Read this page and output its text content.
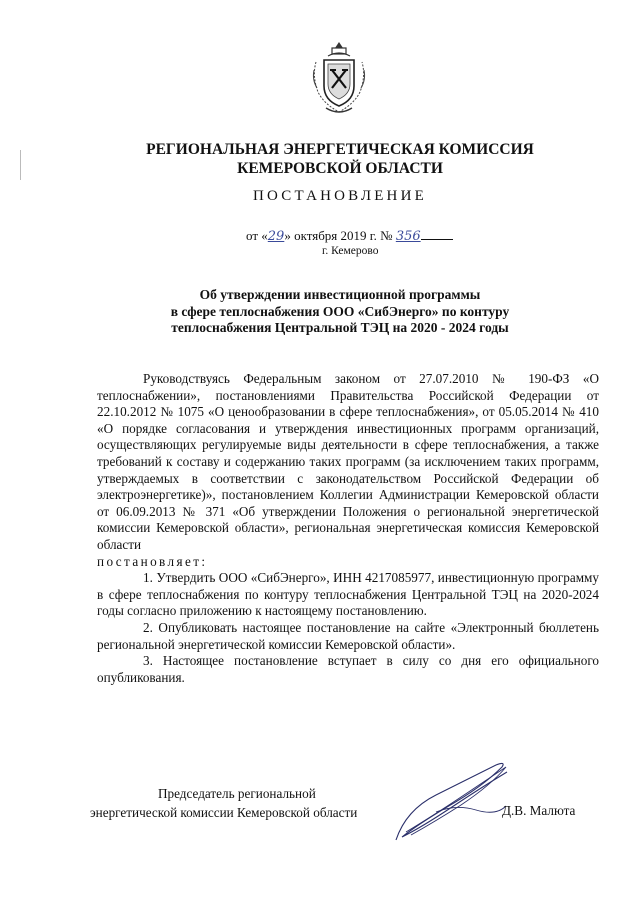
РЕГИОНАЛЬНАЯ ЭНЕРГЕТИЧЕСКАЯ КОМИССИЯ
КЕМЕРОВСКОЙ ОБЛАСТИ
ПОСТАНОВЛЕНИЕ
от «29» октября 2019 г. № 356
г. Кемерово
Об утверждении инвестиционной программы
в сфере теплоснабжения ООО «СибЭнерго» по контуру
теплоснабжения Центральной ТЭЦ на 2020 - 2024 годы

Руководствуясь Федеральным законом от 27.07.2010 № 190-ФЗ «О теплоснабжении», постановлениями Правительства Российской Федерации от 22.10.2012 № 1075 «О ценообразовании в сфере теплоснабжения», от 05.05.2014 № 410 «О порядке согласования и утверждения инвестиционных программ организаций, осуществляющих регулируемые виды деятельности в сфере теплоснабжения, а также требований к составу и содержанию таких программ (за исключением таких программ, утверждаемых в соответствии с законодательством Российской Федерации об электроэнергетике)», постановлением Коллегии Администрации Кемеровской области от 06.09.2013 № 371 «Об утверждении Положения о региональной энергетической комиссии Кемеровской области», региональная энергетическая комиссия Кемеровской области

постановляет:

1. Утвердить ООО «СибЭнерго», ИНН 4217085977, инвестиционную программу в сфере теплоснабжения по контуру теплоснабжения Центральной ТЭЦ на 2020-2024 годы согласно приложению к настоящему постановлению.

2. Опубликовать настоящее постановление на сайте «Электронный бюллетень региональной энергетической комиссии Кемеровской области».

3. Настоящее постановление вступает в силу со дня его официального опубликования.

Председатель региональной
энергетической комиссии Кемеровской области	Д.В. Малюта
